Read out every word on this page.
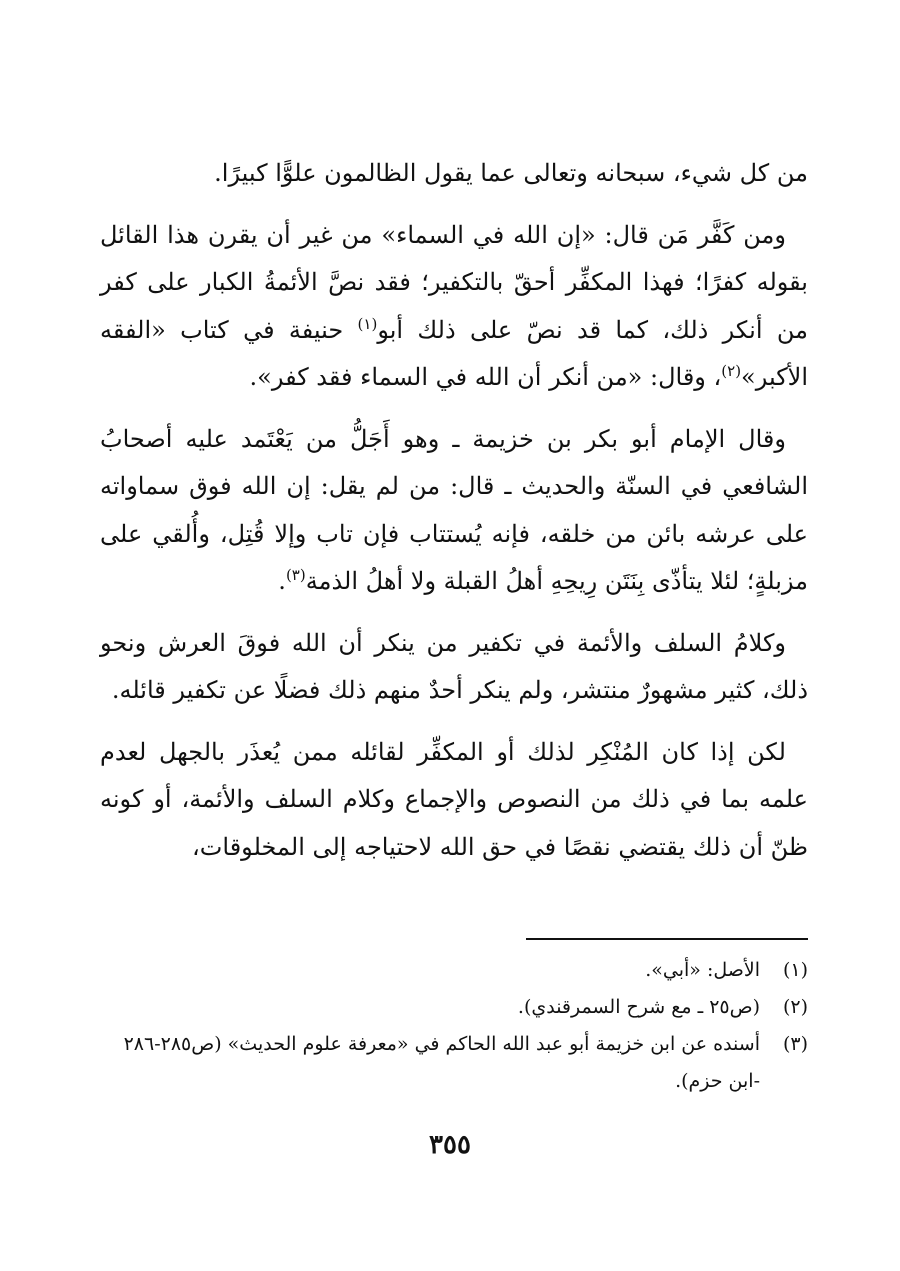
من كل شيء، سبحانه وتعالى عما يقول الظالمون علوًّا كبيرًا.

ومن كَفَّر مَن قال: «إن الله في السماء» من غير أن يقرن هذا القائل بقوله كفرًا؛ فهذا المكفِّر أحقّ بالتكفير؛ فقد نصَّ الأئمةُ الكبار على كفر من أنكر ذلك، كما قد نصّ على ذلك أبو$^{(١)}$ حنيفة في كتاب «الفقه الأكبر»$^{(٢)}$، وقال: «من أنكر أن الله في السماء فقد كفر».

وقال الإمام أبو بكر بن خزيمة ـ وهو أَجَلُّ من يَعْتَمد عليه أصحابُ الشافعي في السنّة والحديث ـ قال: من لم يقل: إن الله فوق سماواته على عرشه بائن من خلقه، فإنه يُستتاب فإن تاب وإلا قُتِل، وأُلقي على مزبلةٍ؛ لئلا يتأذّى بِنَتَن رِيحِهِ أهلُ القبلة ولا أهلُ الذمة$^{(٣)}$.

وكلامُ السلف والأئمة في تكفير من ينكر أن الله فوقَ العرش ونحو ذلك، كثير مشهورٌ منتشر، ولم ينكر أحدٌ منهم ذلك فضلًا عن تكفير قائله.

لكن إذا كان المُنْكِر لذلك أو المكفِّر لقائله ممن يُعذَر بالجهل لعدم علمه بما في ذلك من النصوص والإجماع وكلام السلف والأئمة، أو كونه ظنّ أن ذلك يقتضي نقصًا في حق الله لاحتياجه إلى المخلوقات،

(١)
الأصل: «أبي».
(٢)
(ص٢٥ ـ مع شرح السمرقندي).
(٣)
أسنده عن ابن خزيمة أبو عبد الله الحاكم في «معرفة علوم الحديث» (ص٢٨٥-٢٨٦ -ابن حزم).
٣٥٥
